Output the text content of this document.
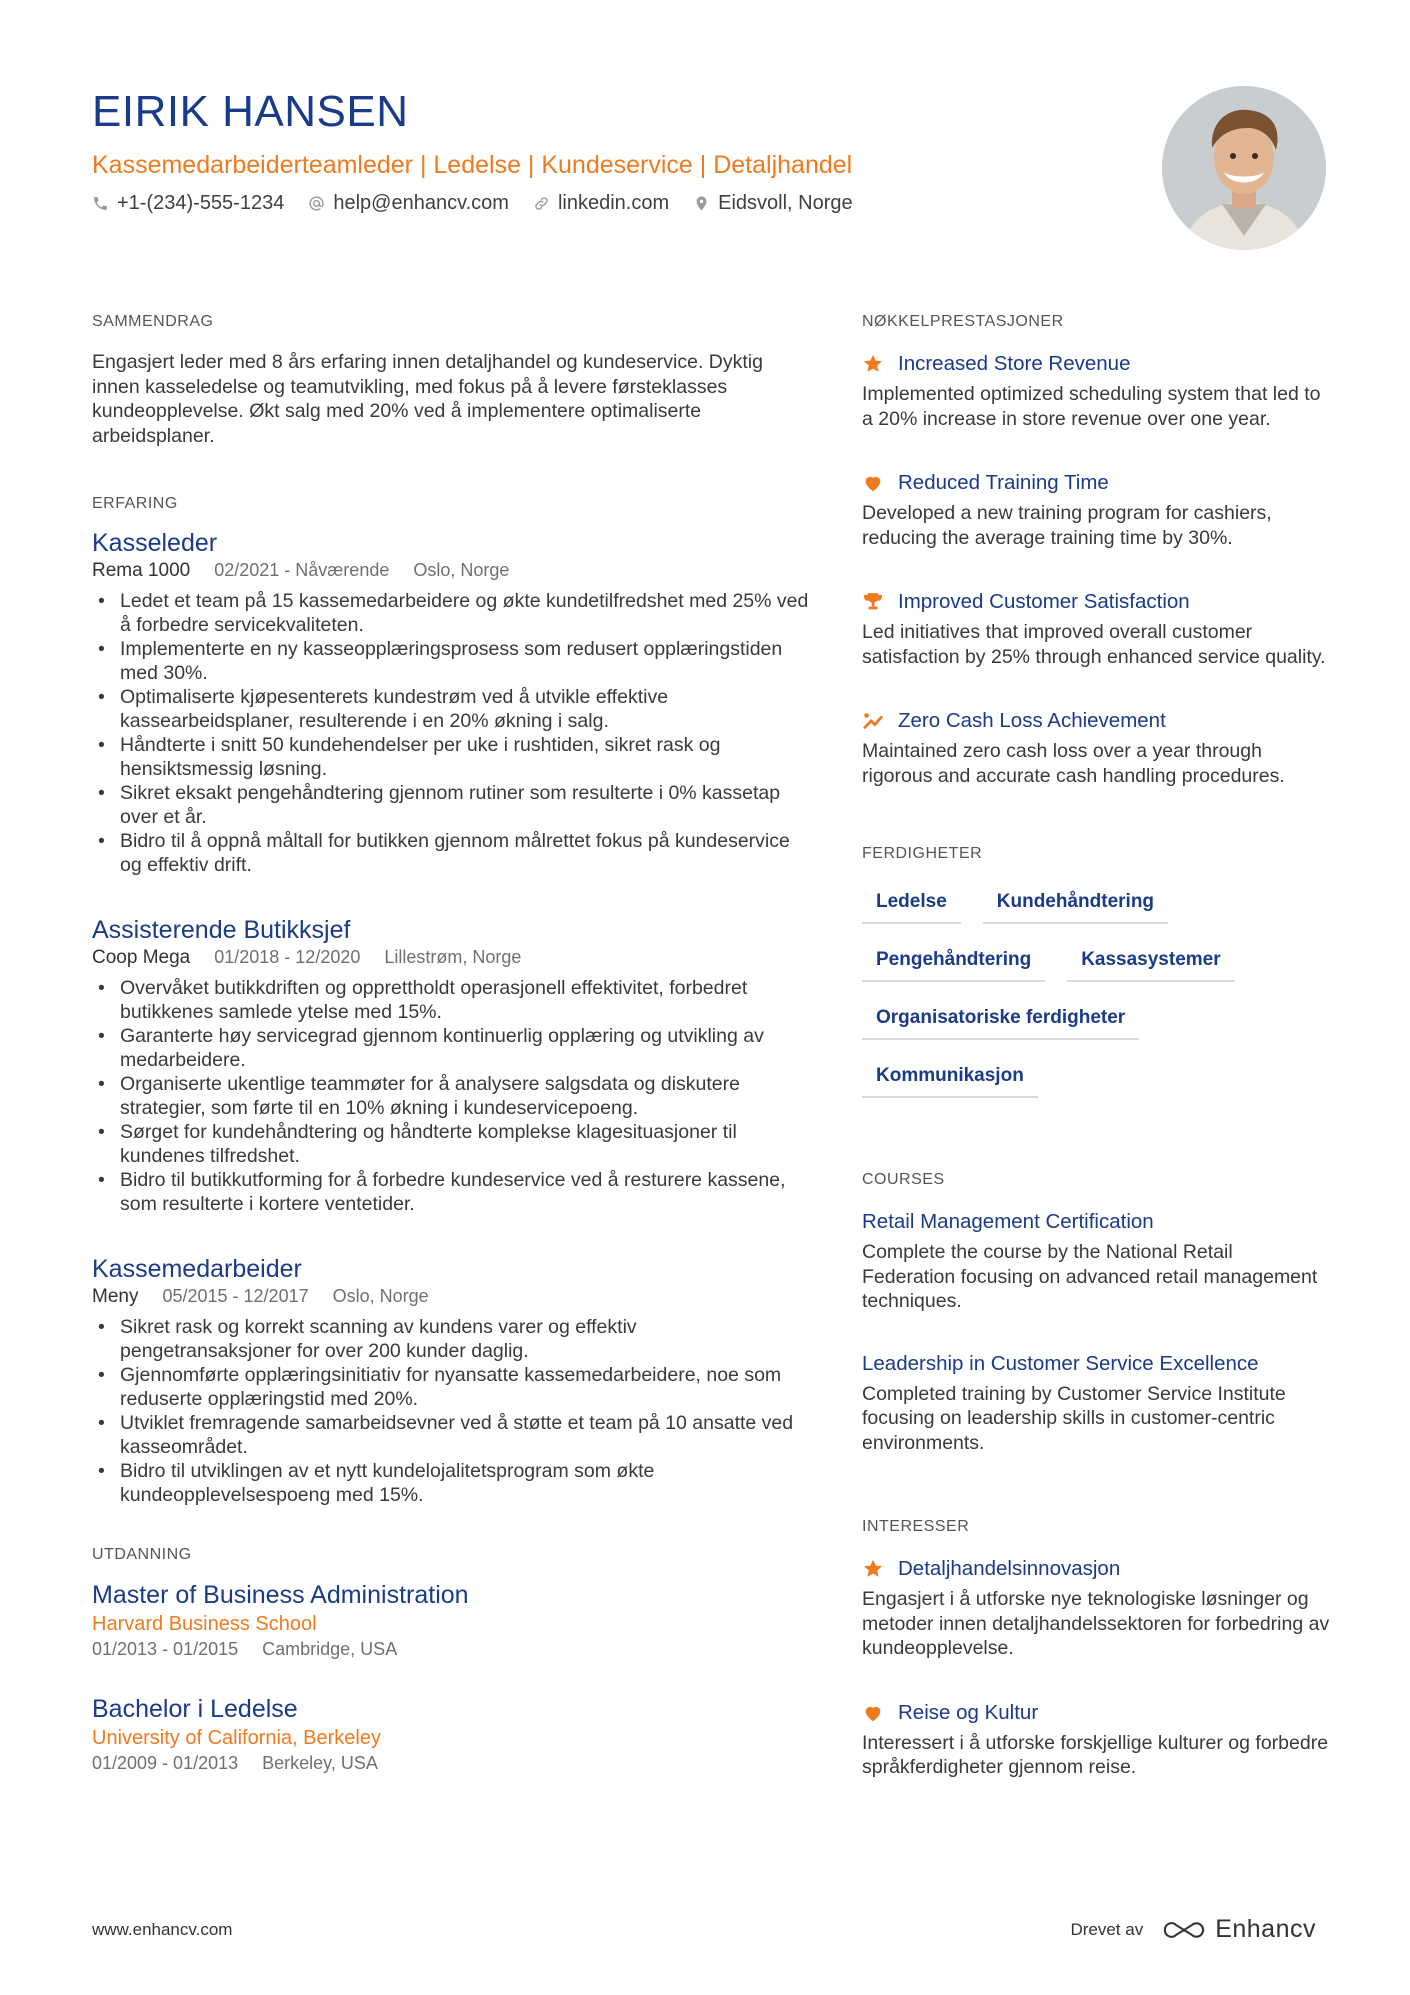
EIRIK HANSEN
Kassemedarbeiderteamleder | Ledelse | Kundeservice | Detaljhandel
+1-(234)-555-1234 help@enhancv.com linkedin.com Eidsvoll, Norge
SAMMENDRAG
Engasjert leder med 8 års erfaring innen detaljhandel og kundeservice. Dyktig innen kasseledelse og teamutvikling, med fokus på å levere førsteklasses kundeopplevelse. Økt salg med 20% ved å implementere optimaliserte arbeidsplaner.
ERFARING
Kasseleder
Rema 1000 02/2021 - Nåværende Oslo, Norge
• Ledet et team på 15 kassemedarbeidere og økte kundetilfredshet med 25% ved å forbedre servicekvaliteten.
• Implementerte en ny kasseopplæringsprosess som redusert opplæringstiden med 30%.
• Optimaliserte kjøpesenterets kundestrøm ved å utvikle effektive kassearbeidsplaner, resulterende i en 20% økning i salg.
• Håndterte i snitt 50 kundehendelser per uke i rushtiden, sikret rask og hensiktsmessig løsning.
• Sikret eksakt pengehåndtering gjennom rutiner som resulterte i 0% kassetap over et år.
• Bidro til å oppnå måltall for butikken gjennom målrettet fokus på kundeservice og effektiv drift.
Assisterende Butikksjef
Coop Mega 01/2018 - 12/2020 Lillestrøm, Norge
• Overvåket butikkdriften og opprettholdt operasjonell effektivitet, forbedret butikkenes samlede ytelse med 15%.
• Garanterte høy servicegrad gjennom kontinuerlig opplæring og utvikling av medarbeidere.
• Organiserte ukentlige teammøter for å analysere salgsdata og diskutere strategier, som førte til en 10% økning i kundeservicepoeng.
• Sørget for kundehåndtering og håndterte komplekse klagesituasjoner til kundenes tilfredshet.
• Bidro til butikkutforming for å forbedre kundeservice ved å resturere kassene, som resulterte i kortere ventetider.
Kassemedarbeider
Meny 05/2015 - 12/2017 Oslo, Norge
• Sikret rask og korrekt scanning av kundens varer og effektiv pengetransaksjoner for over 200 kunder daglig.
• Gjennomførte opplæringsinitiativ for nyansatte kassemedarbeidere, noe som reduserte opplæringstid med 20%.
• Utviklet fremragende samarbeidsevner ved å støtte et team på 10 ansatte ved kasseområdet.
• Bidro til utviklingen av et nytt kundelojalitetsprogram som økte kundeopplevelsespoeng med 15%.
UTDANNING
Master of Business Administration
Harvard Business School
01/2013 - 01/2015 Cambridge, USA
Bachelor i Ledelse
University of California, Berkeley
01/2009 - 01/2013 Berkeley, USA
NØKKELPRESTASJONER
Increased Store Revenue
Implemented optimized scheduling system that led to a 20% increase in store revenue over one year.
Reduced Training Time
Developed a new training program for cashiers, reducing the average training time by 30%.
Improved Customer Satisfaction
Led initiatives that improved overall customer satisfaction by 25% through enhanced service quality.
Zero Cash Loss Achievement
Maintained zero cash loss over a year through rigorous and accurate cash handling procedures.
FERDIGHETER
Ledelse	Kundehåndtering
Pengehåndtering	Kassasystemer
Organisatoriske ferdigheter
Kommunikasjon
COURSES
Retail Management Certification
Complete the course by the National Retail Federation focusing on advanced retail management techniques.
Leadership in Customer Service Excellence
Completed training by Customer Service Institute focusing on leadership skills in customer-centric environments.
INTERESSER
Detaljhandelsinnovasjon
Engasjert i å utforske nye teknologiske løsninger og metoder innen detaljhandelssektoren for forbedring av kundeopplevelse.
Reise og Kultur
Interessert i å utforske forskjellige kulturer og forbedre språkferdigheter gjennom reise.
www.enhancv.com	Drevet av	Enhancv
